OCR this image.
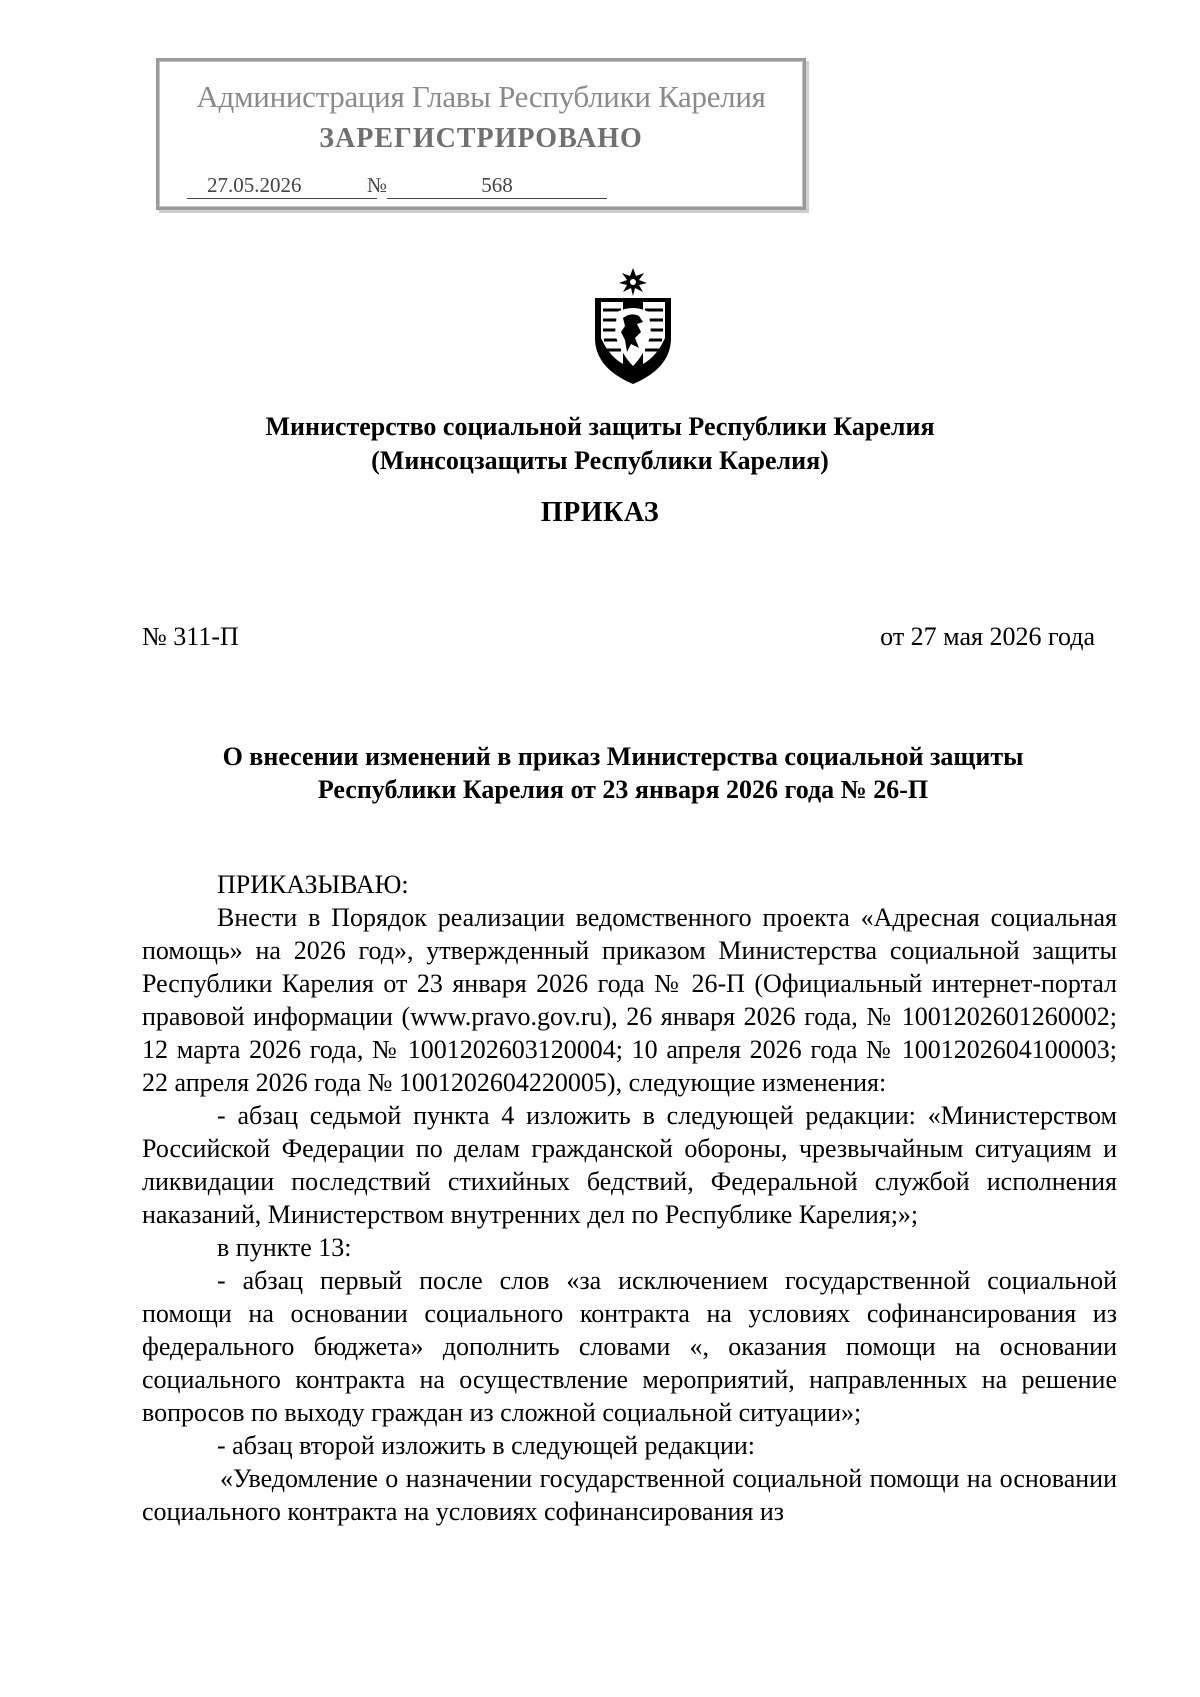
Администрация Главы Республики Карелия
ЗАРЕГИСТРИРОВАНО
27.05.2026	№	568
Министерство социальной защиты Республики Карелия
(Минсоцзащиты Республики Карелия)
ПРИКАЗ
№ 311-П	от 27 мая 2026 года
О внесении изменений в приказ Министерства социальной защиты
Республики Карелия от 23 января 2026 года № 26-П

ПРИКАЗЫВАЮ:

Внести в Порядок реализации ведомственного проекта «Адресная социальная помощь» на 2026 год», утвержденный приказом Министерства социальной защиты Республики Карелия от 23 января 2026 года № 26-П (Официальный интернет-портал правовой информации (www.pravo.gov.ru), 26 января 2026 года, № 1001202601260002; 12 марта 2026 года, № 1001202603120004; 10 апреля 2026 года № 1001202604100003; 22 апреля 2026 года № 1001202604220005), следующие изменения:

- абзац седьмой пункта 4 изложить в следующей редакции: «Министерством Российской Федерации по делам гражданской обороны, чрезвычайным ситуациям и ликвидации последствий стихийных бедствий, Федеральной службой исполнения наказаний, Министерством внутренних дел по Республике Карелия;»;

в пункте 13:

- абзац первый после слов «за исключением государственной социальной помощи на основании социального контракта на условиях софинансирования из федерального бюджета» дополнить словами «, оказания помощи на основании социального контракта на осуществление мероприятий, направленных на решение вопросов по выходу граждан из сложной социальной ситуации»;

- абзац второй изложить в следующей редакции:

«Уведомление о назначении государственной социальной помощи на основании социального контракта на условиях софинансирования из
